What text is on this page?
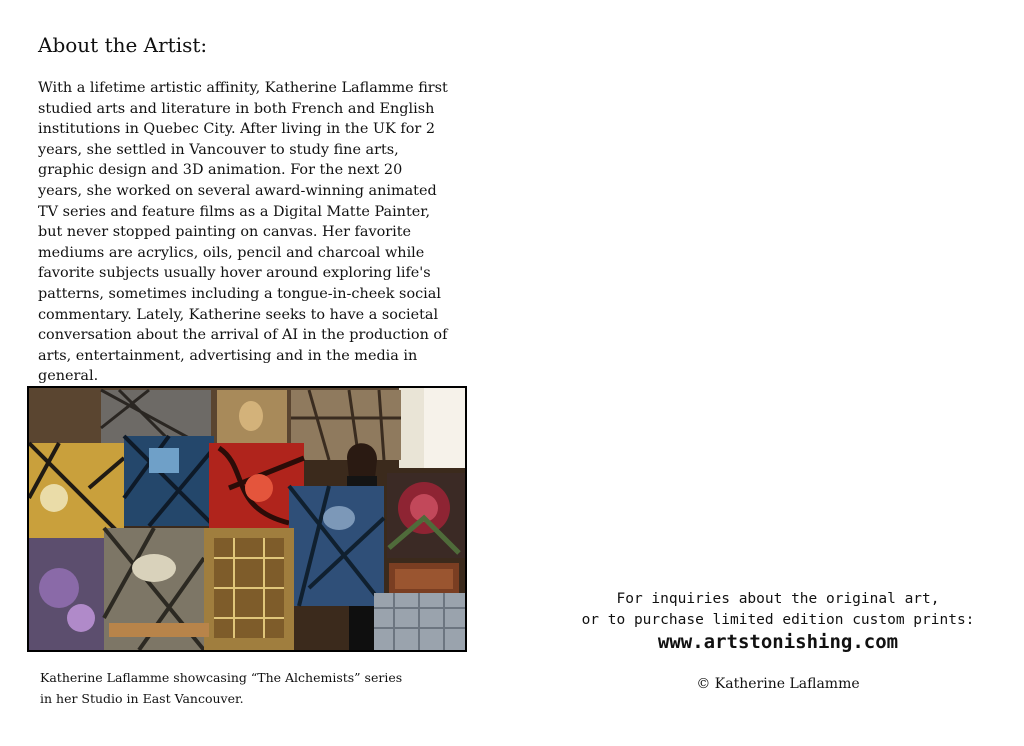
About the Artist:

With a lifetime artistic affinity, Katherine Laflamme first studied arts and literature in both French and English institutions in Quebec City. After living in the UK for 2 years, she settled in Vancouver to study fine arts, graphic design and 3D animation. For the next 20 years, she worked on several award-winning animated TV series and feature films as a Digital Matte Painter, but never stopped painting on canvas. Her favorite mediums are acrylics, oils, pencil and charcoal while favorite subjects usually hover around exploring life's patterns, sometimes including a tongue-in-cheek social commentary. Lately, Katherine seeks to have a societal conversation about the arrival of AI in the production of arts, entertainment, advertising and in the media in general.

Katherine Laflamme showcasing “The Alchemists” series
in her Studio in East Vancouver.
For inquiries about the original art,
or to purchase limited edition custom prints:
www.artstonishing.com
© Katherine Laflamme
